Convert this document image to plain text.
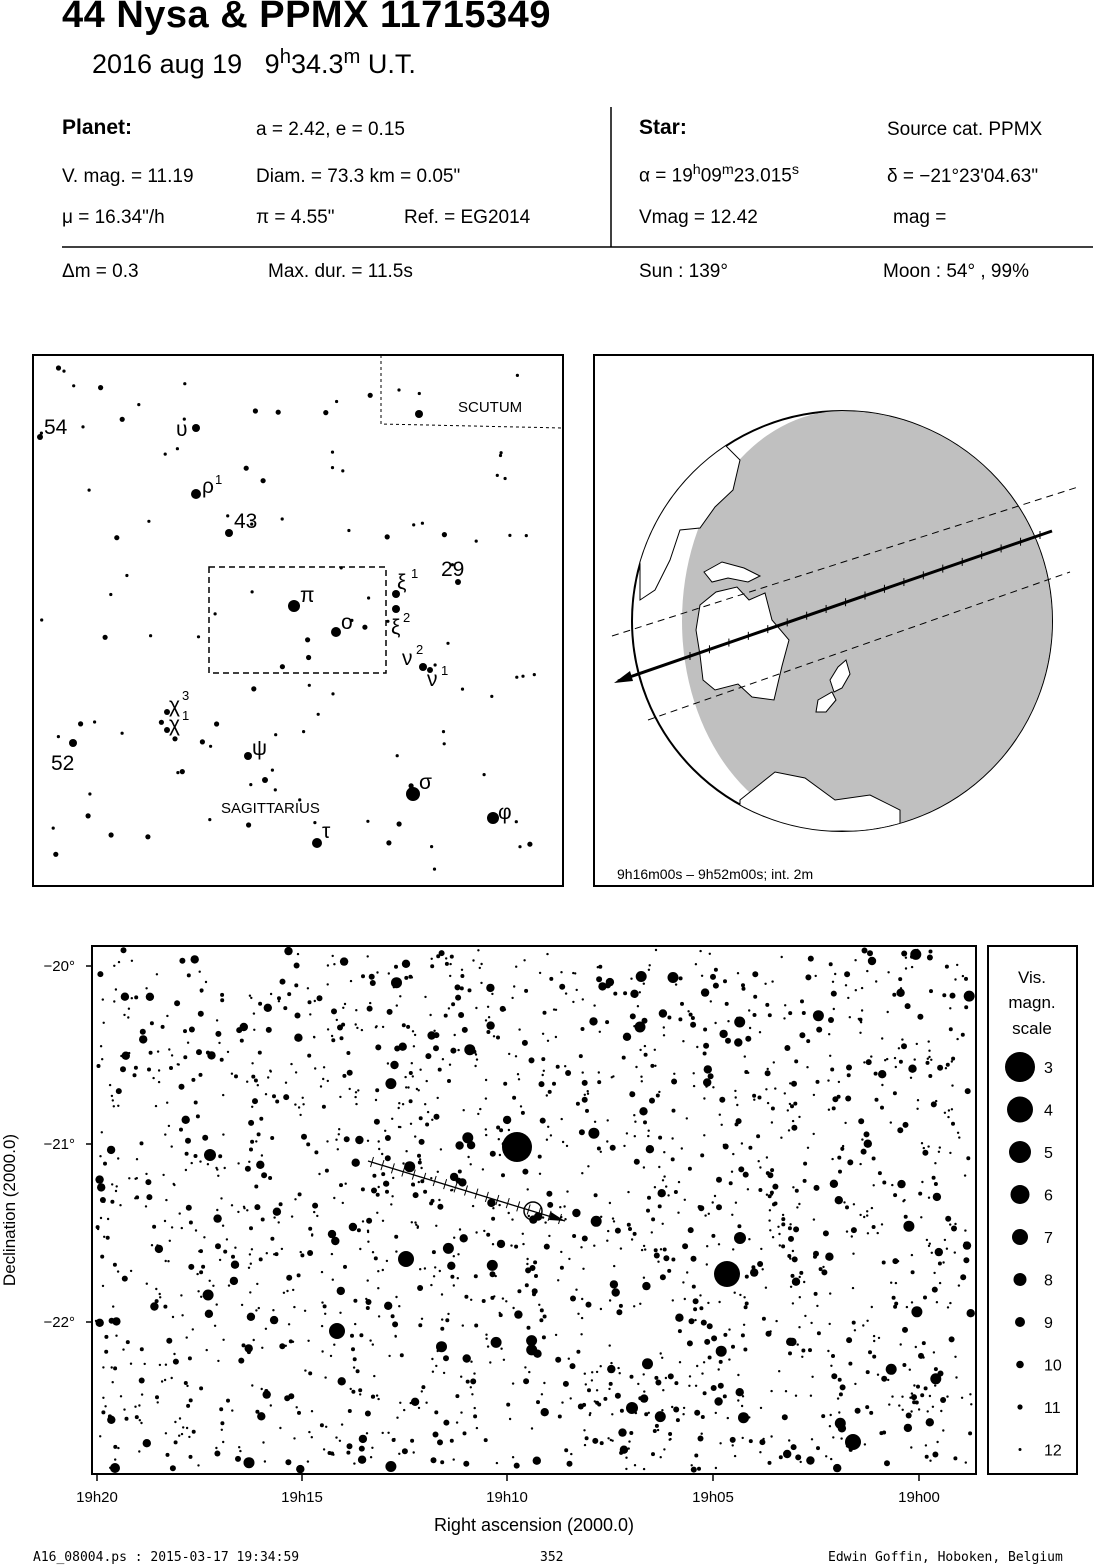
44 Nysa & PPMX 11715349
2016 aug 19 9$^h$34.3$^m$ U.T.
Planet:	a = 2.42, e = 0.15
V. mag. = 11.19	Diam. = 73.3 km = 0.05"
μ = 16.34"/h	π = 4.55"	Ref. = EG2014
Star:	Source cat. PPMX
$\alpha = 19^h09^m23.015^s$	δ = −21°23'04.63"
Vmag = 12.42	mag =
Δm = 0.3	Max. dur. = 11.5s	Sun : 139°	Moon : 54° , 99%
SCUTUM
SAGITTARIUS
54
43
29
52
υ
ρ 1
π
o
ξ 1
ξ 2
ν 2
ν 1
χ 3
χ 1
ψ
σ
τ
φ
9h16m00s – 9h52m00s; int. 2m
−20°
−21°
−22°
19h20	19h15	19h10	19h05	19h00
Right ascension (2000.0)
Declination (2000.0)
Vis.
magn.
scale
3
4
5
6
7
8
9
10
11
12
A16_08004.ps : 2015-03-17 19:34:59	352	Edwin Goffin, Hoboken, Belgium
